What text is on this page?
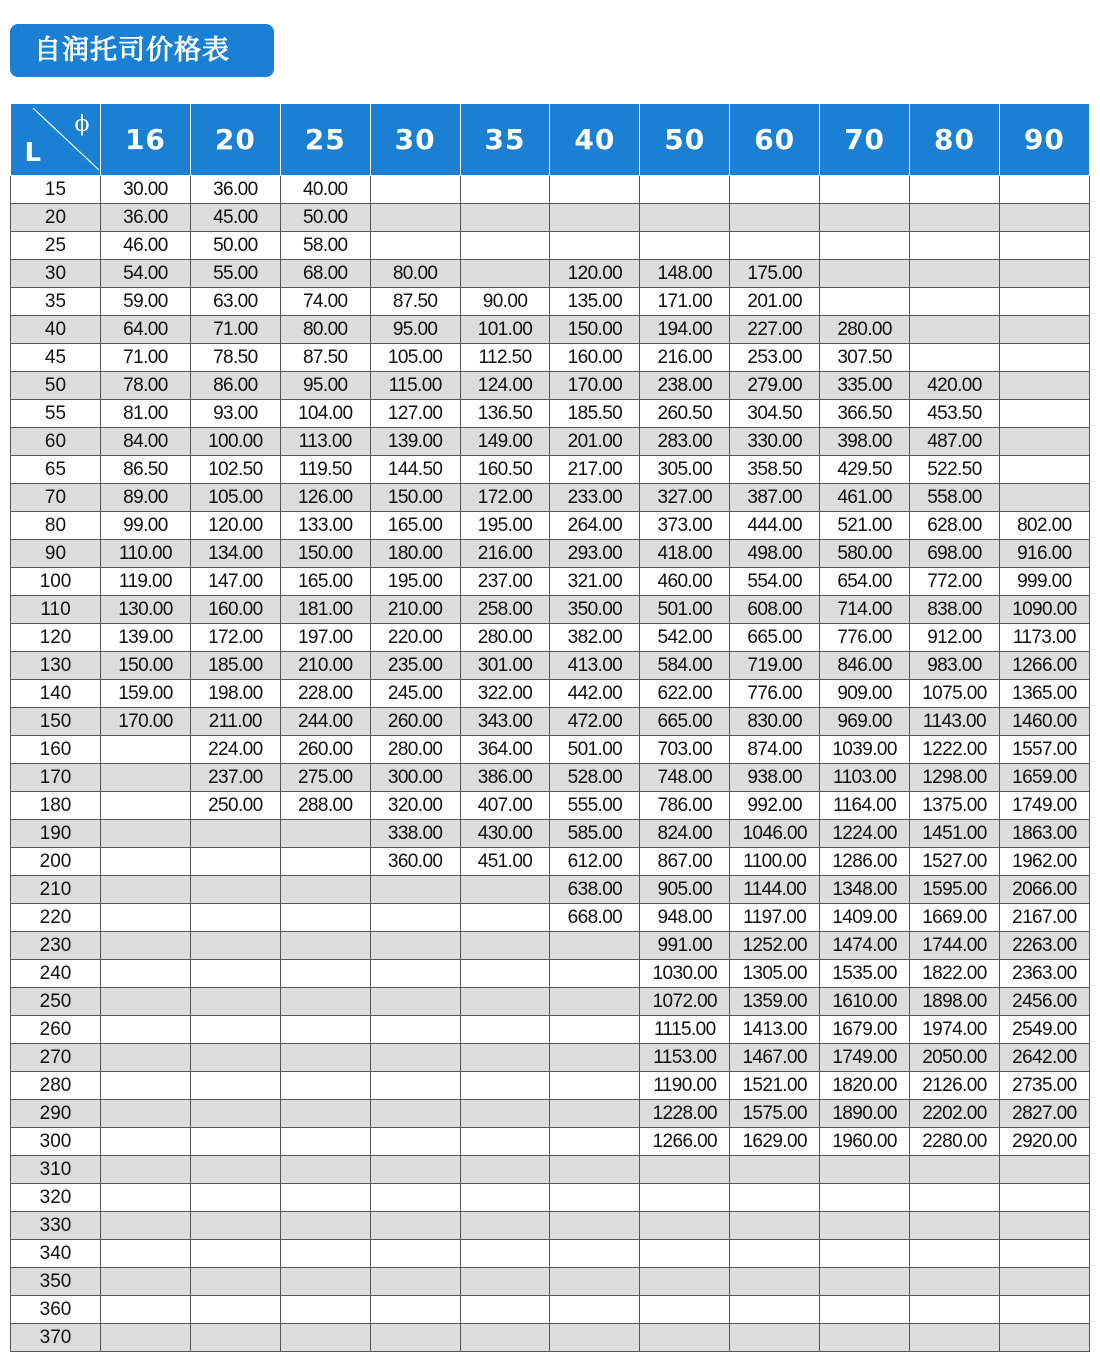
自润托司价格表
L
ϕ	16	20	25	30	35	40	50	60	70	80	90
15	30.00	36.00	40.00								
20	36.00	45.00	50.00								
25	46.00	50.00	58.00								
30	54.00	55.00	68.00	80.00		120.00	148.00	175.00			
35	59.00	63.00	74.00	87.50	90.00	135.00	171.00	201.00			
40	64.00	71.00	80.00	95.00	101.00	150.00	194.00	227.00	280.00		
45	71.00	78.50	87.50	105.00	112.50	160.00	216.00	253.00	307.50		
50	78.00	86.00	95.00	115.00	124.00	170.00	238.00	279.00	335.00	420.00	
55	81.00	93.00	104.00	127.00	136.50	185.50	260.50	304.50	366.50	453.50	
60	84.00	100.00	113.00	139.00	149.00	201.00	283.00	330.00	398.00	487.00	
65	86.50	102.50	119.50	144.50	160.50	217.00	305.00	358.50	429.50	522.50	
70	89.00	105.00	126.00	150.00	172.00	233.00	327.00	387.00	461.00	558.00	
80	99.00	120.00	133.00	165.00	195.00	264.00	373.00	444.00	521.00	628.00	802.00
90	110.00	134.00	150.00	180.00	216.00	293.00	418.00	498.00	580.00	698.00	916.00
100	119.00	147.00	165.00	195.00	237.00	321.00	460.00	554.00	654.00	772.00	999.00
110	130.00	160.00	181.00	210.00	258.00	350.00	501.00	608.00	714.00	838.00	1090.00
120	139.00	172.00	197.00	220.00	280.00	382.00	542.00	665.00	776.00	912.00	1173.00
130	150.00	185.00	210.00	235.00	301.00	413.00	584.00	719.00	846.00	983.00	1266.00
140	159.00	198.00	228.00	245.00	322.00	442.00	622.00	776.00	909.00	1075.00	1365.00
150	170.00	211.00	244.00	260.00	343.00	472.00	665.00	830.00	969.00	1143.00	1460.00
160		224.00	260.00	280.00	364.00	501.00	703.00	874.00	1039.00	1222.00	1557.00
170		237.00	275.00	300.00	386.00	528.00	748.00	938.00	1103.00	1298.00	1659.00
180		250.00	288.00	320.00	407.00	555.00	786.00	992.00	1164.00	1375.00	1749.00
190				338.00	430.00	585.00	824.00	1046.00	1224.00	1451.00	1863.00
200				360.00	451.00	612.00	867.00	1100.00	1286.00	1527.00	1962.00
210						638.00	905.00	1144.00	1348.00	1595.00	2066.00
220						668.00	948.00	1197.00	1409.00	1669.00	2167.00
230							991.00	1252.00	1474.00	1744.00	2263.00
240							1030.00	1305.00	1535.00	1822.00	2363.00
250							1072.00	1359.00	1610.00	1898.00	2456.00
260							1115.00	1413.00	1679.00	1974.00	2549.00
270							1153.00	1467.00	1749.00	2050.00	2642.00
280							1190.00	1521.00	1820.00	2126.00	2735.00
290							1228.00	1575.00	1890.00	2202.00	2827.00
300							1266.00	1629.00	1960.00	2280.00	2920.00
310											
320											
330											
340											
350											
360											
370											
